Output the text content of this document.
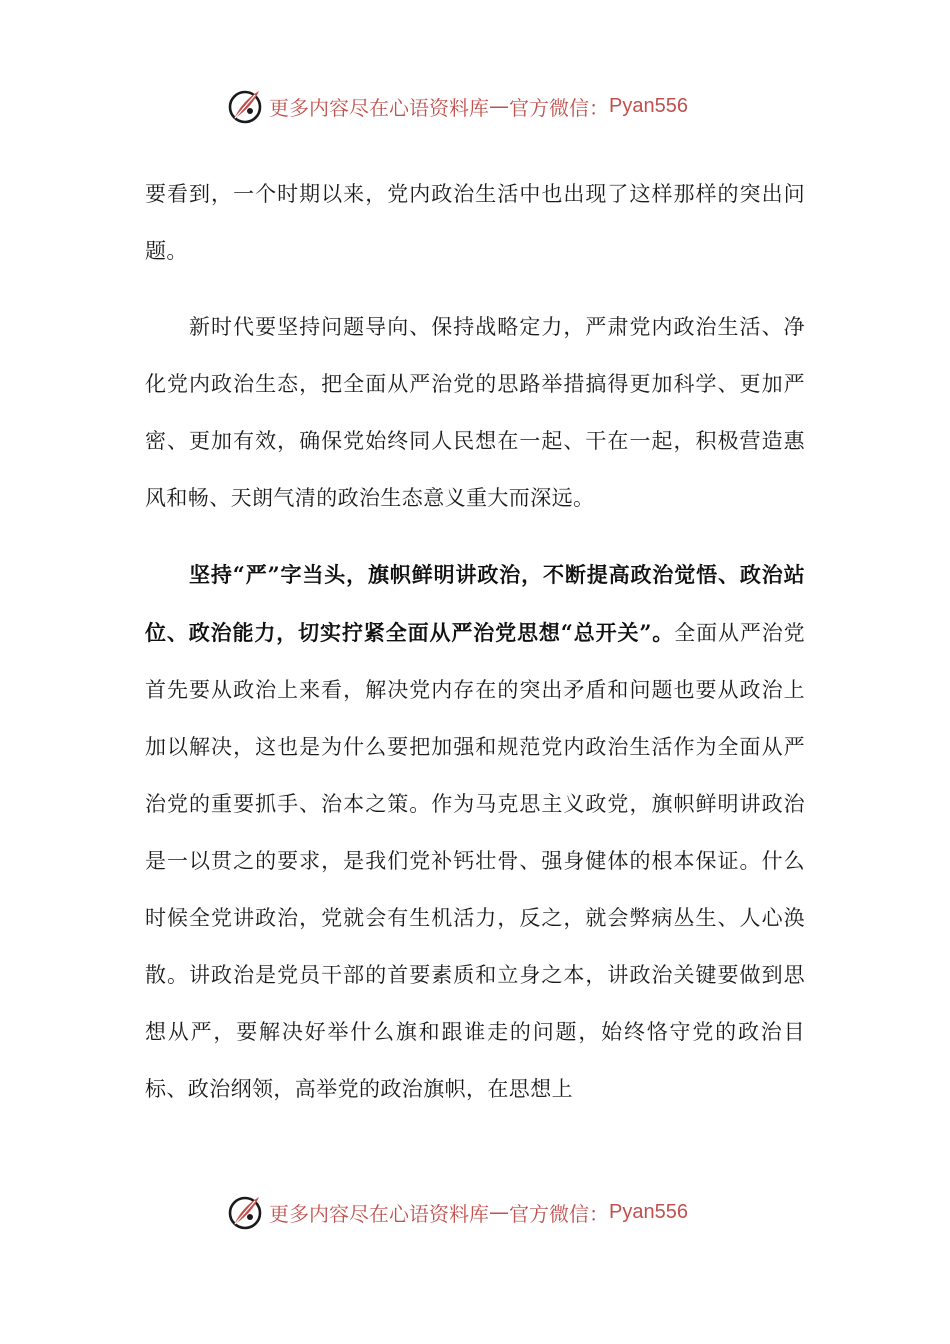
更多内容尽在心语资料库 — 官方微信： Pyan556

要看到，一个时期以来，党内政治生活中也出现了这样那样的突出问题。

新时代要坚持问题导向、保持战略定力，严肃党内政治生活、净化党内政治生态，把全面从严治党的思路举措搞得更加科学、更加严密、更加有效，确保党始终同人民想在一起、干在一起，积极营造惠风和畅、天朗气清的政治生态意义重大而深远。

坚持“严”字当头，旗帜鲜明讲政治，不断提高政治觉悟、政治站位、政治能力，切实拧紧全面从严治党思想“总开关”。全面从严治党首先要从政治上来看，解决党内存在的突出矛盾和问题也要从政治上加以解决，这也是为什么要把加强和规范党内政治生活作为全面从严治党的重要抓手、治本之策。作为马克思主义政党，旗帜鲜明讲政治是一以贯之的要求，是我们党补钙壮骨、强身健体的根本保证。什么时候全党讲政治，党就会有生机活力，反之，就会弊病丛生、人心涣散。讲政治是党员干部的首要素质和立身之本，讲政治关键要做到思想从严，要解决好举什么旗和跟谁走的问题，始终恪守党的政治目标、政治纲领，高举党的政治旗帜，在思想上

更多内容尽在心语资料库 — 官方微信： Pyan556
